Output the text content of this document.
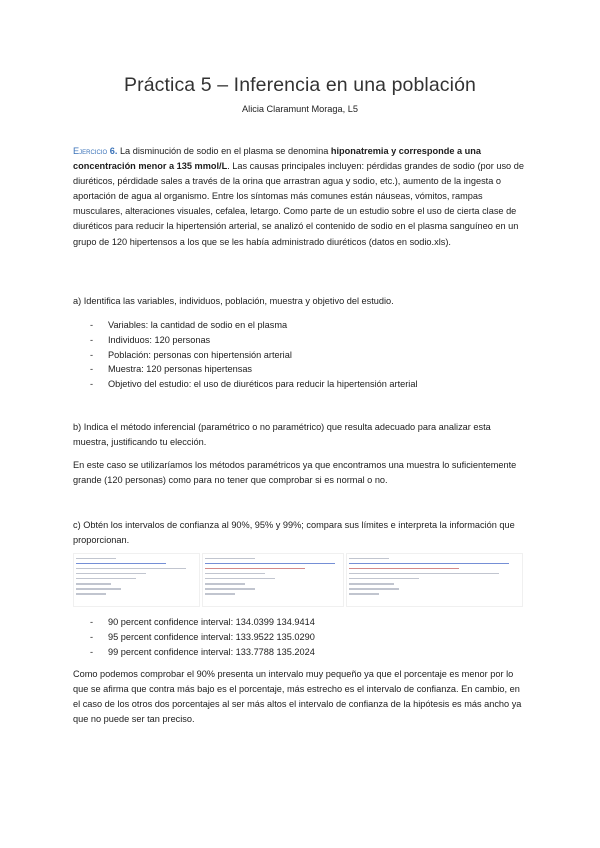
Práctica 5 – Inferencia en una población
Alicia Claramunt Moraga, L5
Ejercicio 6. La disminución de sodio en el plasma se denomina hiponatremia y corresponde a una concentración menor a 135 mmol/L. Las causas principales incluyen: pérdidas grandes de sodio (por uso de diuréticos, pérdidade sales a través de la orina que arrastran agua y sodio, etc.), aumento de la ingesta o aportación de agua al organismo. Entre los síntomas más comunes están náuseas, vómitos, rampas musculares, alteraciones visuales, cefalea, letargo. Como parte de un estudio sobre el uso de cierta clase de diuréticos para reducir la hipertensión arterial, se analizó el contenido de sodio en el plasma sanguíneo en un grupo de 120 hipertensos a los que se les había administrado diuréticos (datos en sodio.xls).
a) Identifica las variables, individuos, población, muestra y objetivo del estudio.
- Variables: la cantidad de sodio en el plasma
- Individuos: 120 personas
- Población: personas con hipertensión arterial
- Muestra: 120 personas hipertensas
- Objetivo del estudio: el uso de diuréticos para reducir la hipertensión arterial
b) Indica el método inferencial (paramétrico o no paramétrico) que resulta adecuado para analizar esta muestra, justificando tu elección.
En este caso se utilizaríamos los métodos paramétricos ya que encontramos una muestra lo suficientemente grande (120 personas) como para no tener que comprobar si es normal o no.
c) Obtén los intervalos de confianza al 90%, 95% y 99%; compara sus límites e interpreta la información que proporcionan.
- 90 percent confidence interval: 134.0399 134.9414
- 95 percent confidence interval: 133.9522 135.0290
- 99 percent confidence interval: 133.7788 135.2024
Como podemos comprobar el 90% presenta un intervalo muy pequeño ya que el porcentaje es menor por lo que se afirma que contra más bajo es el porcentaje, más estrecho es el intervalo de confianza. En cambio, en el caso de los otros dos porcentajes al ser más altos el intervalo de confianza de la hipótesis es más ancho ya que no puede ser tan preciso.
